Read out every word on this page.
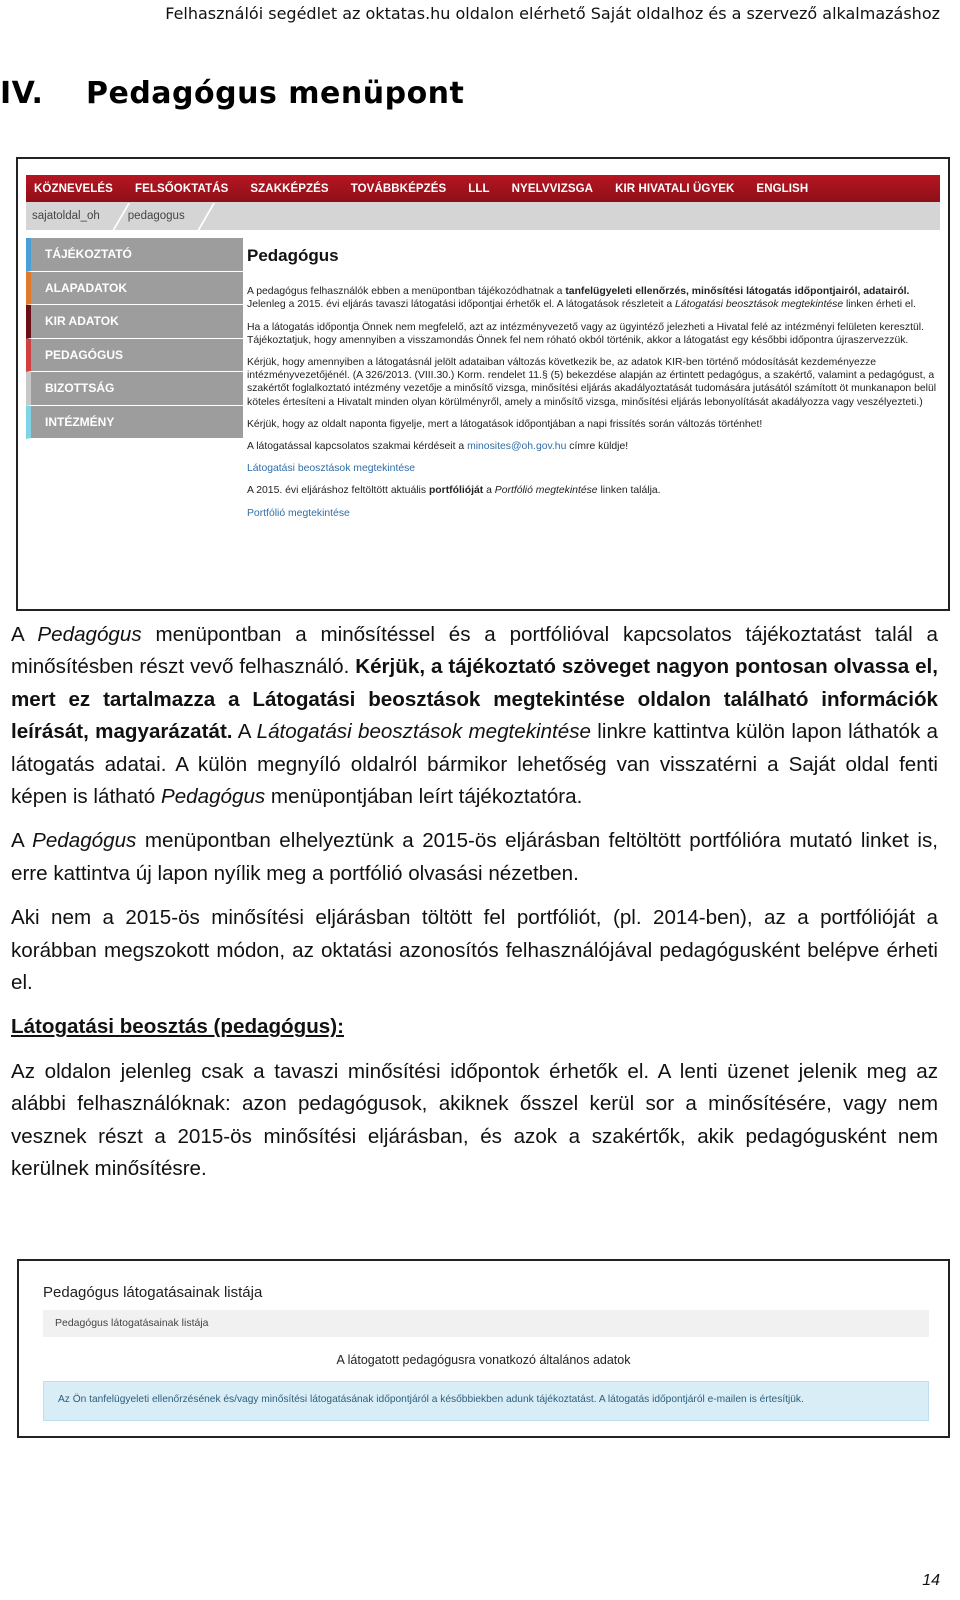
Felhasználói segédlet az oktatas.hu oldalon elérhető Saját oldalhoz és a szervező alkalmazáshoz
IV. Pedagógus menüpont
KÖZNEVELÉS FELSŐOKTATÁS SZAKKÉPZÉS TOVÁBBKÉPZÉS LLL NYELVVIZSGA KIR HIVATALI ÜGYEK ENGLISH
sajatoldal_oh pedagogus
TÁJÉKOZTATÓ
ALAPADATOK
KIR ADATOK
PEDAGÓGUS
BIZOTTSÁG
INTÉZMÉNY
Pedagógus

A pedagógus felhasználók ebben a menüpontban tájékozódhatnak a tanfelügyeleti ellenőrzés, minősítési látogatás időpontjairól, adatairól. Jelenleg a 2015. évi eljárás tavaszi látogatási időpontjai érhetők el. A látogatások részleteit a Látogatási beosztások megtekintése linken érheti el.

Ha a látogatás időpontja Önnek nem megfelelő, azt az intézményvezető vagy az ügyintéző jelezheti a Hivatal felé az intézményi felületen keresztül. Tájékoztatjuk, hogy amennyiben a visszamondás Önnek fel nem róható okból történik, akkor a látogatást egy későbbi időpontra újraszervezzük.

Kérjük, hogy amennyiben a látogatásnál jelölt adataiban változás következik be, az adatok KIR-ben történő módosítását kezdeményezze intézményvezetőjénél. (A 326/2013. (VIII.30.) Korm. rendelet 11.§ (5) bekezdése alapján az értintett pedagógus, a szakértő, valamint a pedagógust, a szakértőt foglalkoztató intézmény vezetője a minősítő vizsga, minősítési eljárás akadályoztatását tudomására jutásától számított öt munkanapon belül köteles értesíteni a Hivatalt minden olyan körülményről, amely a minősítő vizsga, minősítési eljárás lebonyolítását akadályozza vagy veszélyezteti.)

Kérjük, hogy az oldalt naponta figyelje, mert a látogatások időpontjában a napi frissítés során változás történhet!

A látogatással kapcsolatos szakmai kérdéseit a minosites@oh.gov.hu címre küldje!

Látogatási beosztások megtekintése

A 2015. évi eljáráshoz feltöltött aktuális portfólióját a Portfólió megtekintése linken találja.

Portfólió megtekintése

A Pedagógus menüpontban a minősítéssel és a portfólióval kapcsolatos tájékoztatást talál a minősítésben részt vevő felhasználó. Kérjük, a tájékoztató szöveget nagyon pontosan olvassa el, mert ez tartalmazza a Látogatási beosztások megtekintése oldalon található információk leírását, magyarázatát. A Látogatási beosztások megtekintése linkre kattintva külön lapon láthatók a látogatás adatai. A külön megnyíló oldalról bármikor lehetőség van visszatérni a Saját oldal fenti képen is látható Pedagógus menüpontjában leírt tájékoztatóra.

A Pedagógus menüpontban elhelyeztünk a 2015-ös eljárásban feltöltött portfólióra mutató linket is, erre kattintva új lapon nyílik meg a portfólió olvasási nézetben.

Aki nem a 2015-ös minősítési eljárásban töltött fel portfóliót, (pl. 2014-ben), az a portfólióját a korábban megszokott módon, az oktatási azonosítós felhasználójával pedagógusként belépve érheti el.

Látogatási beosztás (pedagógus):

Az oldalon jelenleg csak a tavaszi minősítési időpontok érhetők el. A lenti üzenet jelenik meg az alábbi felhasználóknak: azon pedagógusok, akiknek ősszel kerül sor a minősítésére, vagy nem vesznek részt a 2015-ös minősítési eljárásban, és azok a szakértők, akik pedagógusként nem kerülnek minősítésre.

Pedagógus látogatásainak listája
Pedagógus látogatásainak listája
A látogatott pedagógusra vonatkozó általános adatok
Az Ön tanfelügyeleti ellenőrzésének és/vagy minősítési látogatásának időpontjáról a későbbiekben adunk tájékoztatást. A látogatás időpontjáról e-mailen is értesítjük.
14
